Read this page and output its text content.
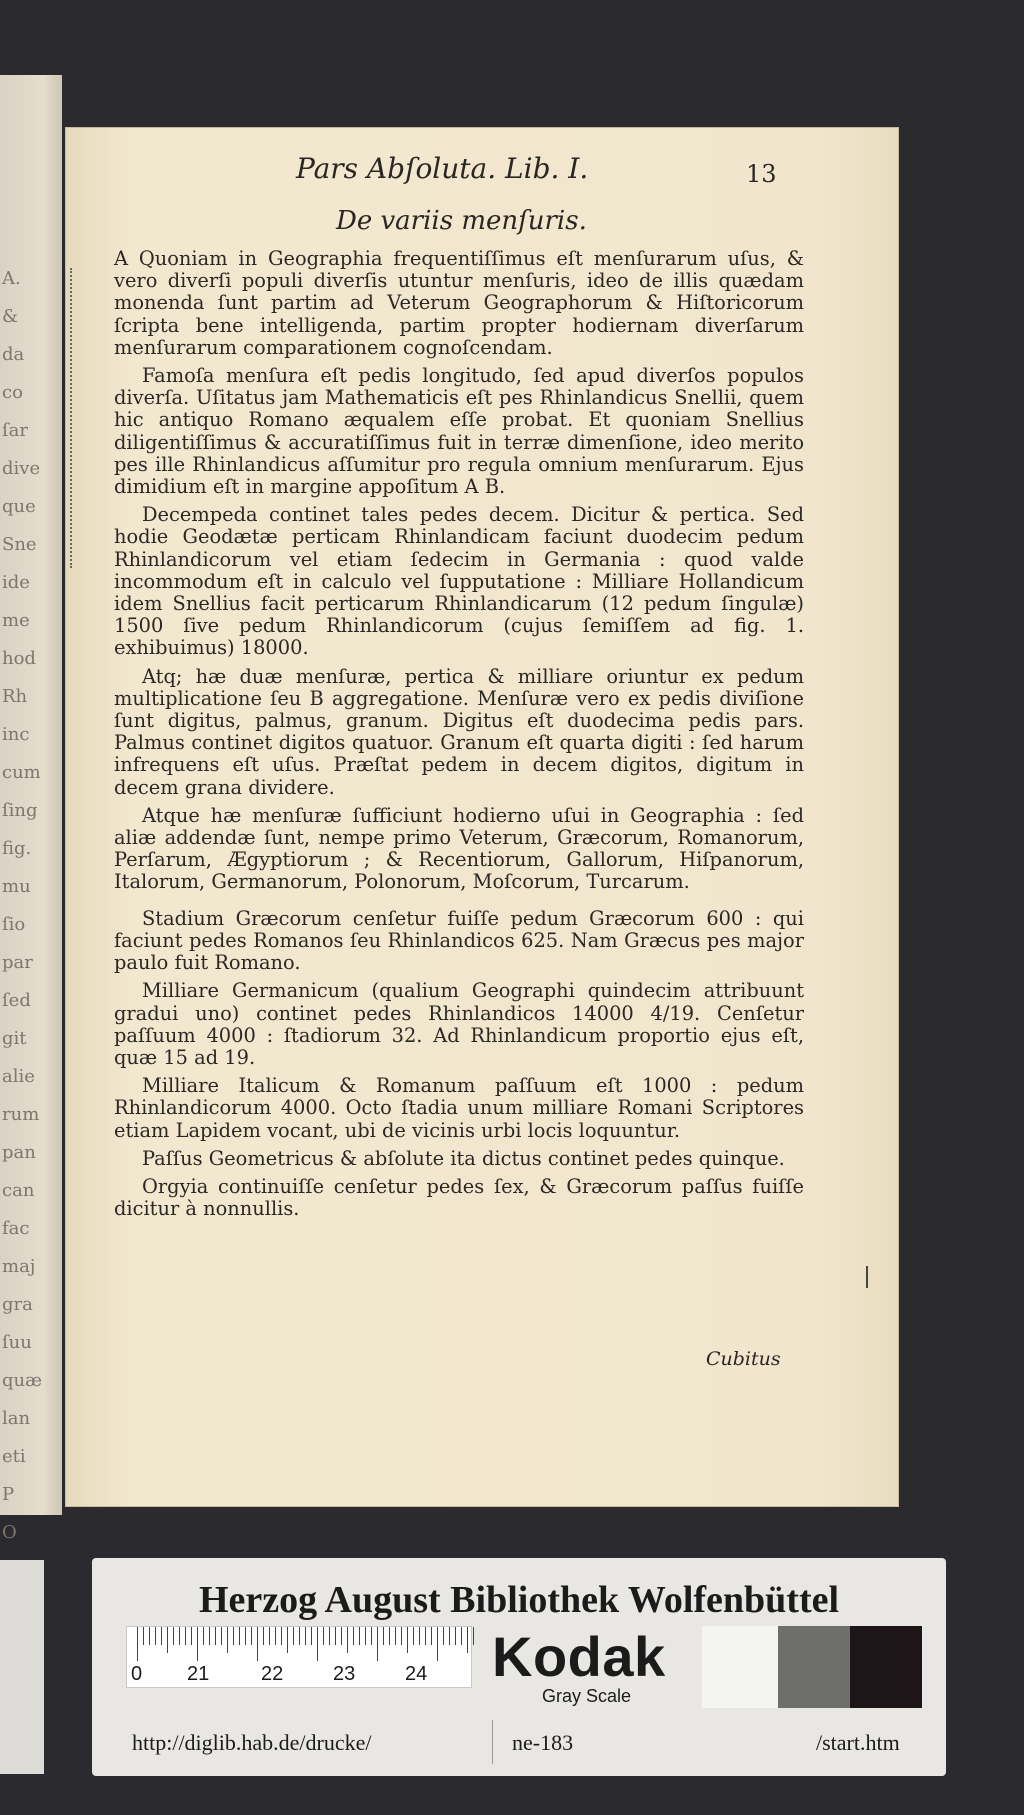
A.
&
da
co
ſar
dive
que
Sne
ide
me
hod
Rh
inc
cum
ſing
fig.
mu
ſio
par
ſed
git
alie
rum
pan
can
fac
maj
gra
ſuu
quæ
lan
eti
P
O
Pars Abſoluta. Lib. I.	13
De variis menſuris.

A Quoniam in Geographia frequentiſſimus eſt menſurarum uſus, & vero diverſi populi diverſis utuntur menſuris, ideo de illis quædam monenda ſunt partim ad Veterum Geographorum & Hiſtoricorum ſcripta bene intelligenda, partim propter hodiernam diverſarum menſurarum comparationem cognoſcendam.

Famoſa menſura eſt pedis longitudo, ſed apud diverſos populos diverſa. Uſitatus jam Mathematicis eſt pes Rhinlandicus Snellii, quem hic antiquo Romano æqualem eſſe probat. Et quoniam Snellius diligentiſſimus & accuratiſſimus fuit in terræ dimenſione, ideo merito pes ille Rhinlandicus aſſumitur pro regula omnium menſurarum. Ejus dimidium eſt in margine appoſitum A B.

Decempeda continet tales pedes decem. Dicitur & pertica. Sed hodie Geodætæ perticam Rhinlandicam faciunt duodecim pedum Rhinlandicorum vel etiam ſedecim in Germania : quod valde incommodum eſt in calculo vel ſupputatione : Milliare Hollandicum idem Snellius facit perticarum Rhinlandicarum (12 pedum ſingulæ) 1500 ſive pedum Rhinlandicorum (cujus ſemiſſem ad fig. 1. exhibuimus) 18000.

Atq; hæ duæ menſuræ, pertica & milliare oriuntur ex pedum multiplicatione ſeu B aggregatione. Menſuræ vero ex pedis diviſione ſunt digitus, palmus, granum. Digitus eſt duodecima pedis pars. Palmus continet digitos quatuor. Granum eſt quarta digiti : ſed harum infrequens eſt uſus. Præſtat pedem in decem digitos, digitum in decem grana dividere.

Atque hæ menſuræ ſufficiunt hodierno uſui in Geographia : ſed aliæ addendæ ſunt, nempe primo Veterum, Græcorum, Romanorum, Perſarum, Ægyptiorum ; & Recentiorum, Gallorum, Hiſpanorum, Italorum, Germanorum, Polonorum, Moſcorum, Turcarum.

Stadium Græcorum cenſetur fuiſſe pedum Græcorum 600 : qui faciunt pedes Romanos ſeu Rhinlandicos 625. Nam Græcus pes major paulo fuit Romano.

Milliare Germanicum (qualium Geographi quindecim attribuunt gradui uno) continet pedes Rhinlandicos 14000 4/19. Cenſetur paſſuum 4000 : ſtadiorum 32. Ad Rhinlandicum proportio ejus eſt, quæ 15 ad 19.

Milliare Italicum & Romanum paſſuum eſt 1000 : pedum Rhinlandicorum 4000. Octo ſtadia unum milliare Romani Scriptores etiam Lapidem vocant, ubi de vicinis urbi locis loquuntur.

Paſſus Geometricus & abſolute ita dictus continet pedes quinque.

Orgyia continuiſſe cenſetur pedes ſex, & Græcorum paſſus fuiſſe dicitur à nonnullis.

Cubitus
Herzog August Bibliothek Wolfenbüttel
0 21	22 23 24 Kodak
Gray Scale
http://diglib.hab.de/drucke/	ne-183	/start.htm
